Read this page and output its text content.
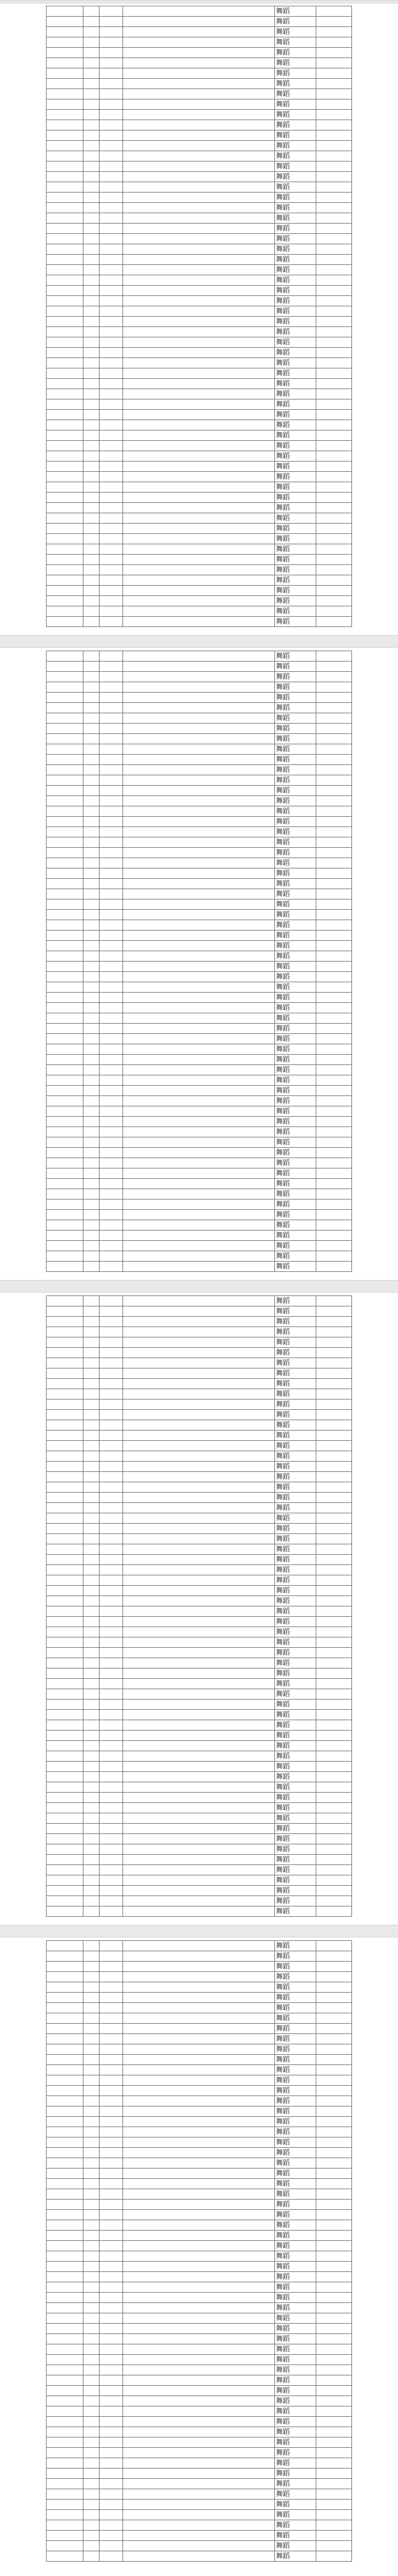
				舞蹈	
				舞蹈	
				舞蹈	
				舞蹈	
				舞蹈	
				舞蹈	
				舞蹈	
				舞蹈	
				舞蹈	
				舞蹈	
				舞蹈	
				舞蹈	
				舞蹈	
				舞蹈	
				舞蹈	
				舞蹈	
				舞蹈	
				舞蹈	
				舞蹈	
				舞蹈	
				舞蹈	
				舞蹈	
				舞蹈	
				舞蹈	
				舞蹈	
				舞蹈	
				舞蹈	
				舞蹈	
				舞蹈	
				舞蹈	
				舞蹈	
				舞蹈	
				舞蹈	
				舞蹈	
				舞蹈	
				舞蹈	
				舞蹈	
				舞蹈	
				舞蹈	
				舞蹈	
				舞蹈	
				舞蹈	
				舞蹈	
				舞蹈	
				舞蹈	
				舞蹈	
				舞蹈	
				舞蹈	
				舞蹈	
				舞蹈	
				舞蹈	
				舞蹈	
				舞蹈	
				舞蹈	
				舞蹈	
				舞蹈	
				舞蹈	
				舞蹈	
				舞蹈	
				舞蹈	
				舞蹈	
				舞蹈	
				舞蹈	
				舞蹈	
				舞蹈	
				舞蹈	
				舞蹈	
				舞蹈	
				舞蹈	
				舞蹈	
				舞蹈	
				舞蹈	
				舞蹈	
				舞蹈	
				舞蹈	
				舞蹈	
				舞蹈	
				舞蹈	
				舞蹈	
				舞蹈	
				舞蹈	
				舞蹈	
				舞蹈	
				舞蹈	
				舞蹈	
				舞蹈	
				舞蹈	
				舞蹈	
				舞蹈	
				舞蹈	
				舞蹈	
				舞蹈	
				舞蹈	
				舞蹈	
				舞蹈	
				舞蹈	
				舞蹈	
				舞蹈	
				舞蹈	
				舞蹈	
				舞蹈	
				舞蹈	
				舞蹈	
				舞蹈	
				舞蹈	
				舞蹈	
				舞蹈	
				舞蹈	
				舞蹈	
				舞蹈	
				舞蹈	
				舞蹈	
				舞蹈	
				舞蹈	
				舞蹈	
				舞蹈	
				舞蹈	
				舞蹈	
				舞蹈	
				舞蹈	
				舞蹈	
				舞蹈	
				舞蹈	
				舞蹈	
				舞蹈	
				舞蹈	
				舞蹈	
				舞蹈	
				舞蹈	
				舞蹈	
				舞蹈	
				舞蹈	
				舞蹈	
				舞蹈	
				舞蹈	
				舞蹈	
				舞蹈	
				舞蹈	
				舞蹈	
				舞蹈	
				舞蹈	
				舞蹈	
				舞蹈	
				舞蹈	
				舞蹈	
				舞蹈	
				舞蹈	
				舞蹈	
				舞蹈	
				舞蹈	
				舞蹈	
				舞蹈	
				舞蹈	
				舞蹈	
				舞蹈	
				舞蹈	
				舞蹈	
				舞蹈	
				舞蹈	
				舞蹈	
				舞蹈	
				舞蹈	
				舞蹈	
				舞蹈	
				舞蹈	
				舞蹈	
				舞蹈	
				舞蹈	
				舞蹈	
				舞蹈	
				舞蹈	
				舞蹈	
				舞蹈	
				舞蹈	
				舞蹈	
				舞蹈	
				舞蹈	
				舞蹈	
				舞蹈	
				舞蹈	
				舞蹈	
				舞蹈	
				舞蹈	
				舞蹈	
				舞蹈	
				舞蹈	
				舞蹈	
				舞蹈	
				舞蹈	
				舞蹈	
				舞蹈	
				舞蹈	
				舞蹈	
				舞蹈	
				舞蹈	
				舞蹈	
				舞蹈	
				舞蹈	
				舞蹈	
				舞蹈	
				舞蹈	
				舞蹈	
				舞蹈	
				舞蹈	
				舞蹈	
				舞蹈	
				舞蹈	
				舞蹈	
				舞蹈	
				舞蹈	
				舞蹈	
				舞蹈	
				舞蹈	
				舞蹈	
				舞蹈	
				舞蹈	
				舞蹈	
				舞蹈	
				舞蹈	
				舞蹈	
				舞蹈	
				舞蹈	
				舞蹈	
				舞蹈	
				舞蹈	
				舞蹈	
				舞蹈	
				舞蹈	
				舞蹈	
				舞蹈	
				舞蹈	
				舞蹈	
				舞蹈	
				舞蹈	
				舞蹈	
				舞蹈	
				舞蹈	
				舞蹈	
				舞蹈	
				舞蹈	
